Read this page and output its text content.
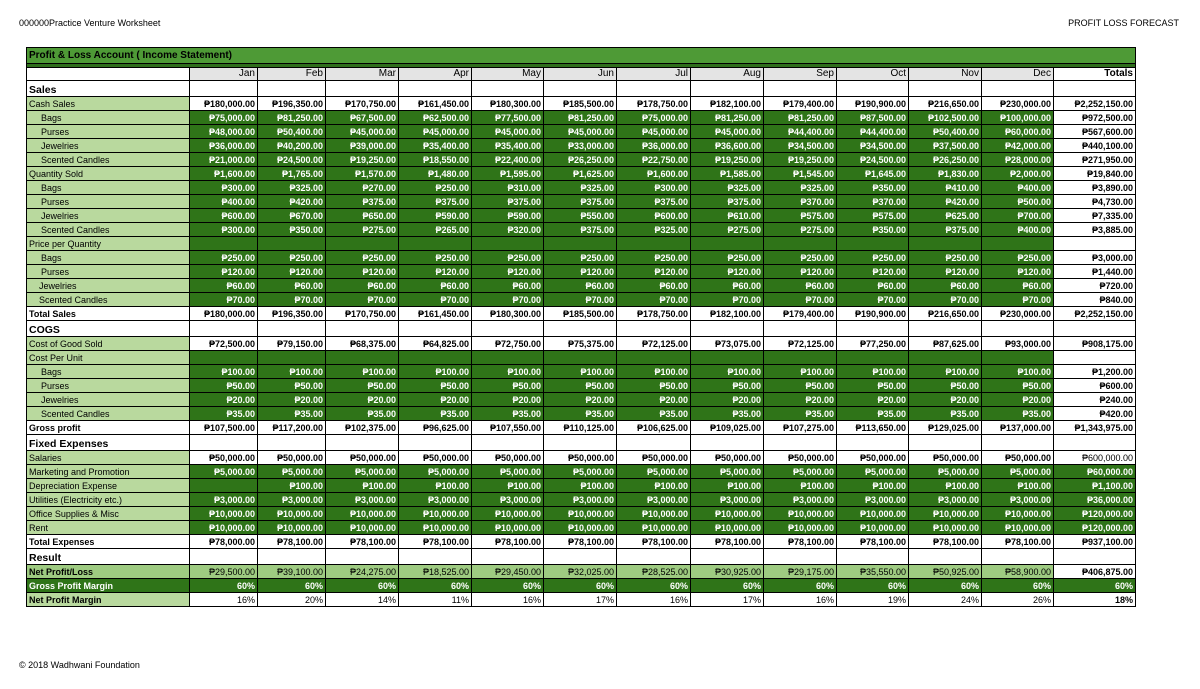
000000Practice Venture Worksheet	PROFIT LOSS FORECAST
Profit & Loss Account ( Income Statement)													

	Jan	Feb	Mar	Apr	May	Jun	Jul	Aug	Sep	Oct	Nov	Dec	Totals
Sales													
Cash Sales	₱180,000.00	₱196,350.00	₱170,750.00	₱161,450.00	₱180,300.00	₱185,500.00	₱178,750.00	₱182,100.00	₱179,400.00	₱190,900.00	₱216,650.00	₱230,000.00	₱2,252,150.00
Bags	₱75,000.00	₱81,250.00	₱67,500.00	₱62,500.00	₱77,500.00	₱81,250.00	₱75,000.00	₱81,250.00	₱81,250.00	₱87,500.00	₱102,500.00	₱100,000.00	₱972,500.00
Purses	₱48,000.00	₱50,400.00	₱45,000.00	₱45,000.00	₱45,000.00	₱45,000.00	₱45,000.00	₱45,000.00	₱44,400.00	₱44,400.00	₱50,400.00	₱60,000.00	₱567,600.00
Jewelries	₱36,000.00	₱40,200.00	₱39,000.00	₱35,400.00	₱35,400.00	₱33,000.00	₱36,000.00	₱36,600.00	₱34,500.00	₱34,500.00	₱37,500.00	₱42,000.00	₱440,100.00
Scented Candles	₱21,000.00	₱24,500.00	₱19,250.00	₱18,550.00	₱22,400.00	₱26,250.00	₱22,750.00	₱19,250.00	₱19,250.00	₱24,500.00	₱26,250.00	₱28,000.00	₱271,950.00
Quantity Sold	₱1,600.00	₱1,765.00	₱1,570.00	₱1,480.00	₱1,595.00	₱1,625.00	₱1,600.00	₱1,585.00	₱1,545.00	₱1,645.00	₱1,830.00	₱2,000.00	₱19,840.00
Bags	₱300.00	₱325.00	₱270.00	₱250.00	₱310.00	₱325.00	₱300.00	₱325.00	₱325.00	₱350.00	₱410.00	₱400.00	₱3,890.00
Purses	₱400.00	₱420.00	₱375.00	₱375.00	₱375.00	₱375.00	₱375.00	₱375.00	₱370.00	₱370.00	₱420.00	₱500.00	₱4,730.00
Jewelries	₱600.00	₱670.00	₱650.00	₱590.00	₱590.00	₱550.00	₱600.00	₱610.00	₱575.00	₱575.00	₱625.00	₱700.00	₱7,335.00
Scented Candles	₱300.00	₱350.00	₱275.00	₱265.00	₱320.00	₱375.00	₱325.00	₱275.00	₱275.00	₱350.00	₱375.00	₱400.00	₱3,885.00
Price per Quantity													
Bags	₱250.00	₱250.00	₱250.00	₱250.00	₱250.00	₱250.00	₱250.00	₱250.00	₱250.00	₱250.00	₱250.00	₱250.00	₱3,000.00
Purses	₱120.00	₱120.00	₱120.00	₱120.00	₱120.00	₱120.00	₱120.00	₱120.00	₱120.00	₱120.00	₱120.00	₱120.00	₱1,440.00
Jewelries	₱60.00	₱60.00	₱60.00	₱60.00	₱60.00	₱60.00	₱60.00	₱60.00	₱60.00	₱60.00	₱60.00	₱60.00	₱720.00
Scented Candles	₱70.00	₱70.00	₱70.00	₱70.00	₱70.00	₱70.00	₱70.00	₱70.00	₱70.00	₱70.00	₱70.00	₱70.00	₱840.00
Total Sales	₱180,000.00	₱196,350.00	₱170,750.00	₱161,450.00	₱180,300.00	₱185,500.00	₱178,750.00	₱182,100.00	₱179,400.00	₱190,900.00	₱216,650.00	₱230,000.00	₱2,252,150.00
COGS													
Cost of Good Sold	₱72,500.00	₱79,150.00	₱68,375.00	₱64,825.00	₱72,750.00	₱75,375.00	₱72,125.00	₱73,075.00	₱72,125.00	₱77,250.00	₱87,625.00	₱93,000.00	₱908,175.00
Cost Per Unit													
Bags	₱100.00	₱100.00	₱100.00	₱100.00	₱100.00	₱100.00	₱100.00	₱100.00	₱100.00	₱100.00	₱100.00	₱100.00	₱1,200.00
Purses	₱50.00	₱50.00	₱50.00	₱50.00	₱50.00	₱50.00	₱50.00	₱50.00	₱50.00	₱50.00	₱50.00	₱50.00	₱600.00
Jewelries	₱20.00	₱20.00	₱20.00	₱20.00	₱20.00	₱20.00	₱20.00	₱20.00	₱20.00	₱20.00	₱20.00	₱20.00	₱240.00
Scented Candles	₱35.00	₱35.00	₱35.00	₱35.00	₱35.00	₱35.00	₱35.00	₱35.00	₱35.00	₱35.00	₱35.00	₱35.00	₱420.00
Gross profit	₱107,500.00	₱117,200.00	₱102,375.00	₱96,625.00	₱107,550.00	₱110,125.00	₱106,625.00	₱109,025.00	₱107,275.00	₱113,650.00	₱129,025.00	₱137,000.00	₱1,343,975.00
Fixed Expenses													
Salaries	₱50,000.00	₱50,000.00	₱50,000.00	₱50,000.00	₱50,000.00	₱50,000.00	₱50,000.00	₱50,000.00	₱50,000.00	₱50,000.00	₱50,000.00	₱50,000.00	₱600,000.00
Marketing and Promotion	₱5,000.00	₱5,000.00	₱5,000.00	₱5,000.00	₱5,000.00	₱5,000.00	₱5,000.00	₱5,000.00	₱5,000.00	₱5,000.00	₱5,000.00	₱5,000.00	₱60,000.00
Depreciation Expense		₱100.00	₱100.00	₱100.00	₱100.00	₱100.00	₱100.00	₱100.00	₱100.00	₱100.00	₱100.00	₱100.00	₱1,100.00
Utilities (Electricity etc.)	₱3,000.00	₱3,000.00	₱3,000.00	₱3,000.00	₱3,000.00	₱3,000.00	₱3,000.00	₱3,000.00	₱3,000.00	₱3,000.00	₱3,000.00	₱3,000.00	₱36,000.00
Office Supplies & Misc	₱10,000.00	₱10,000.00	₱10,000.00	₱10,000.00	₱10,000.00	₱10,000.00	₱10,000.00	₱10,000.00	₱10,000.00	₱10,000.00	₱10,000.00	₱10,000.00	₱120,000.00
Rent	₱10,000.00	₱10,000.00	₱10,000.00	₱10,000.00	₱10,000.00	₱10,000.00	₱10,000.00	₱10,000.00	₱10,000.00	₱10,000.00	₱10,000.00	₱10,000.00	₱120,000.00
Total Expenses	₱78,000.00	₱78,100.00	₱78,100.00	₱78,100.00	₱78,100.00	₱78,100.00	₱78,100.00	₱78,100.00	₱78,100.00	₱78,100.00	₱78,100.00	₱78,100.00	₱937,100.00
Result													
Net Profit/Loss	₱29,500.00	₱39,100.00	₱24,275.00	₱18,525.00	₱29,450.00	₱32,025.00	₱28,525.00	₱30,925.00	₱29,175.00	₱35,550.00	₱50,925.00	₱58,900.00	₱406,875.00
Gross Profit Margin	60%	60%	60%	60%	60%	60%	60%	60%	60%	60%	60%	60%	60%
Net Profit Margin	16%	20%	14%	11%	16%	17%	16%	17%	16%	19%	24%	26%	18%
© 2018 Wadhwani Foundation
